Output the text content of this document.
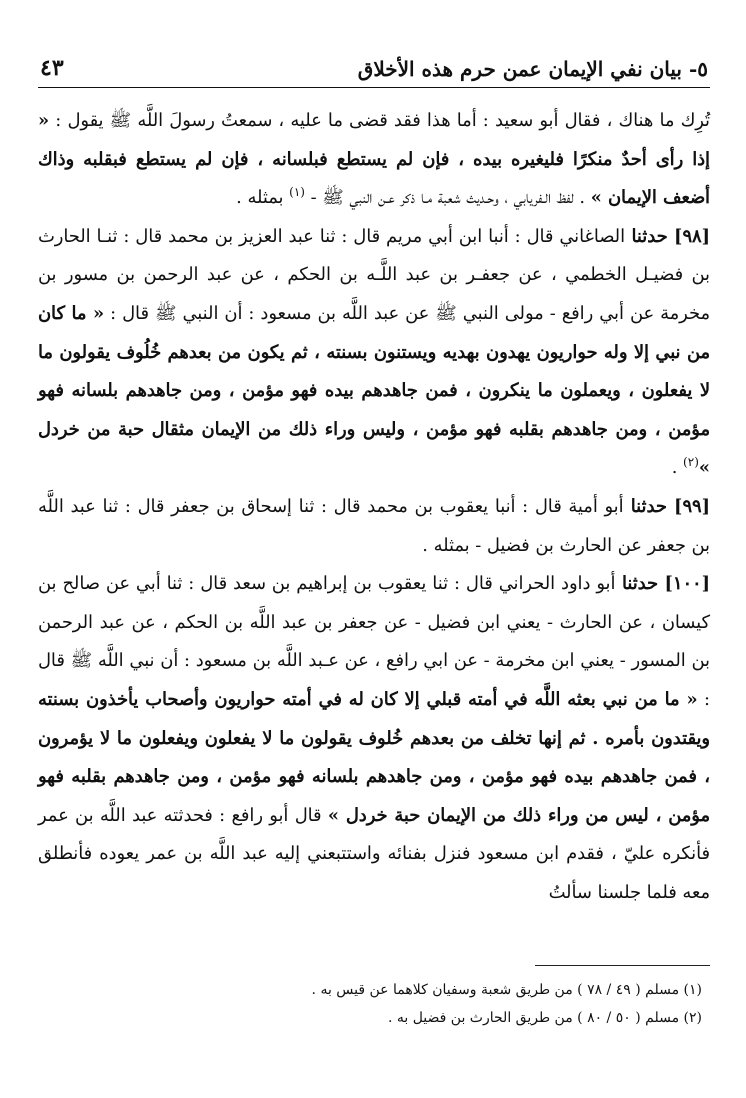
٥- بيان نفي الإيمان عمن حرم هذه الأخلاق
٤٣

تُرِك ما هناك ، فقال أبو سعيد : أما هذا فقد قضى ما عليه ، سمعتُ رسولَ اللَّه ﷺ يقول : « إذا رأى أحدٌ منكرًا فليغيره بيده ، فإن لم يستطع فبلسانه ، فإن لم يستطع فبقلبه وذاك أضعف الإيمان » . لفظ الـفريابي ، وحـديث شعبة مـا ذكر عـن النبي ﷺ - $^{(١)}$ بمثله .

[٩٨] حدثنا الصاغاني قال : أنبا ابن أبي مريم قال : ثنا عبد العزيز بن محمد قال : ثنـا الحارث بن فضيـل الخطمي ، عن جعفـر بن عبد اللَّـه بن الحكم ، عن عبد الرحمن بن مسور بن مخرمة عن أبي رافع - مولى النبي ﷺ عن عبد اللَّه بن مسعود : أن النبي ﷺ قال : « ما كان من نبي إلا وله حواريون يهدون بهديه ويستنون بسنته ، ثم يكون من بعدهم خُلُوف يقولون ما لا يفعلون ، ويعملون ما ينكرون ، فمن جاهدهم بيده فهو مؤمن ، ومن جاهدهم بلسانه فهو مؤمن ، ومن جاهدهم بقلبه فهو مؤمن ، وليس وراء ذلك من الإيمان مثقال حبة من خردل »$^{(٢)}$ .

[٩٩] حدثنا أبو أمية قال : أنبا يعقوب بن محمد قال : ثنا إسحاق بن جعفر قال : ثنا عبد اللَّه بن جعفر عن الحارث بن فضيل - بمثله .

[١٠٠] حدثنا أبو داود الحراني قال : ثنا يعقوب بن إبراهيم بن سعد قال : ثنا أبي عن صالح بن كيسان ، عن الحارث - يعني ابن فضيل - عن جعفر بن عبد اللَّه بن الحكم ، عن عبد الرحمن بن المسور - يعني ابن مخرمة - عن ابي رافع ، عن عـبد اللَّه بن مسعود : أن نبي اللَّه ﷺ قال : « ما من نبي بعثه اللَّه في أمته قبلي إلا كان له في أمته حواريون وأصحاب يأخذون بسنته ويقتدون بأمره . ثم إنها تخلف من بعدهم خُلوف يقولون ما لا يفعلون ويفعلون ما لا يؤمرون ، فمن جاهدهم بيده فهو مؤمن ، ومن جاهدهم بلسانه فهو مؤمن ، ومن جاهدهم بقلبه فهو مؤمن ، ليس من وراء ذلك من الإيمان حبة خردل » قال أبو رافع : فحدثته عبد اللَّه بن عمر فأنكره عليّ ، فقدم ابن مسعود فنزل بفنائه واستتبعني إليه عبد اللَّه بن عمر يعوده فأنطلق معه فلما جلسنا سألتُ

(١) مسلم ( ٤٩ / ٧٨ ) من طريق شعبة وسفيان كلاهما عن قيس به .
(٢) مسلم ( ٥٠ / ٨٠ ) من طريق الحارث بن فضيل به .
